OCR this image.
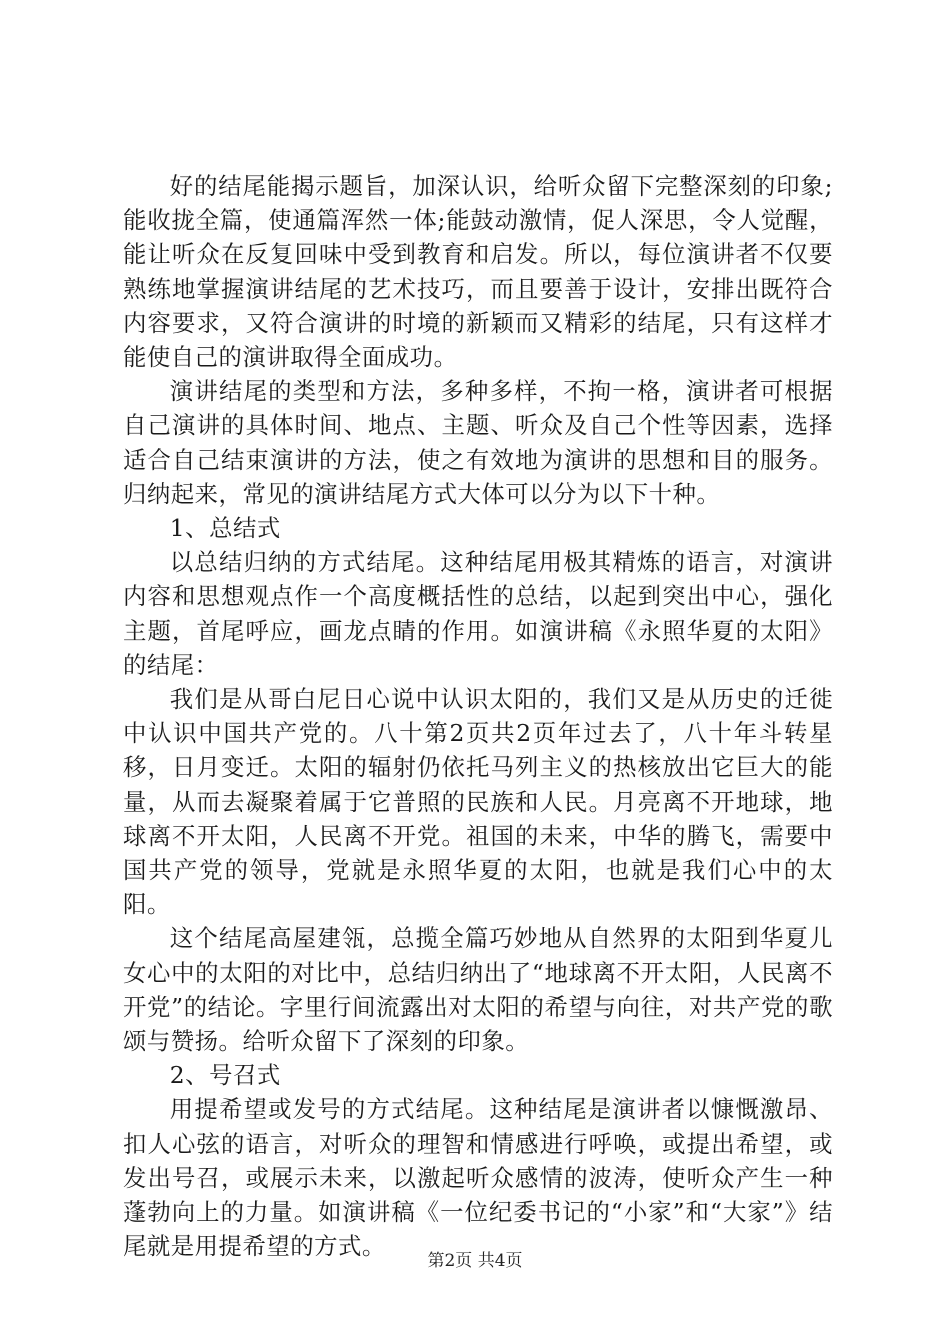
好的结尾能揭示题旨，加深认识，给听众留下完整深刻的印象;能收拢全篇，使通篇浑然一体;能鼓动激情，促人深思，令人觉醒，能让听众在反复回味中受到教育和启发。所以，每位演讲者不仅要熟练地掌握演讲结尾的艺术技巧，而且要善于设计，安排出既符合内容要求，又符合演讲的时境的新颖而又精彩的结尾，只有这样才能使自己的演讲取得全面成功。

演讲结尾的类型和方法，多种多样，不拘一格，演讲者可根据自己演讲的具体时间、地点、主题、听众及自己个性等因素，选择适合自己结束演讲的方法，使之有效地为演讲的思想和目的服务。归纳起来，常见的演讲结尾方式大体可以分为以下十种。

1、总结式

以总结归纳的方式结尾。这种结尾用极其精炼的语言，对演讲内容和思想观点作一个高度概括性的总结，以起到突出中心，强化主题，首尾呼应，画龙点睛的作用。如演讲稿《永照华夏的太阳》的结尾：

我们是从哥白尼日心说中认识太阳的，我们又是从历史的迁徙中认识中国共产党的。八十第2页共2页年过去了，八十年斗转星移，日月变迁。太阳的辐射仍依托马列主义的热核放出它巨大的能量，从而去凝聚着属于它普照的民族和人民。月亮离不开地球，地球离不开太阳，人民离不开党。祖国的未来，中华的腾飞，需要中国共产党的领导，党就是永照华夏的太阳，也就是我们心中的太阳。

这个结尾高屋建瓴，总揽全篇巧妙地从自然界的太阳到华夏儿女心中的太阳的对比中，总结归纳出了“地球离不开太阳，人民离不开党”的结论。字里行间流露出对太阳的希望与向往，对共产党的歌颂与赞扬。给听众留下了深刻的印象。

2、号召式

用提希望或发号的方式结尾。这种结尾是演讲者以慷慨激昂、扣人心弦的语言，对听众的理智和情感进行呼唤，或提出希望，或发出号召，或展示未来，以激起听众感情的波涛，使听众产生一种蓬勃向上的力量。如演讲稿《一位纪委书记的“小家”和“大家”》结尾就是用提希望的方式。

第2页 共4页
